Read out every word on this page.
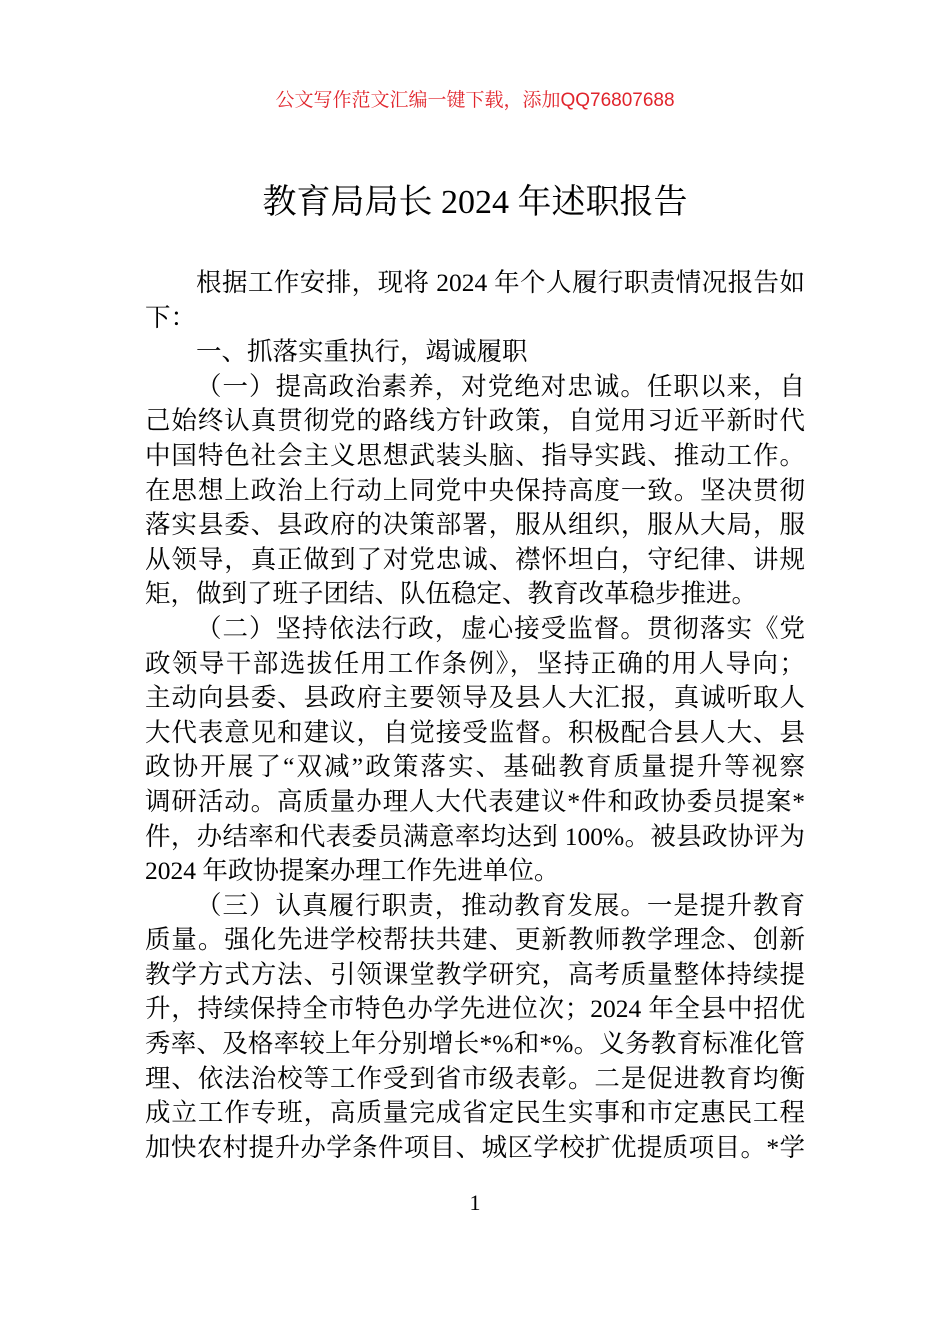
公文写作范文汇编一键下载，添加QQ76807688
教育局局长 2024 年述职报告
根据工作安排，现将 2024 年个人履行职责情况报告如
下：
一、抓落实重执行，竭诚履职
（一）提高政治素养，对党绝对忠诚。任职以来，自
己始终认真贯彻党的路线方针政策，自觉用习近平新时代
中国特色社会主义思想武装头脑、指导实践、推动工作。
在思想上政治上行动上同党中央保持高度一致。坚决贯彻
落实县委、县政府的决策部署，服从组织，服从大局，服
从领导，真正做到了对党忠诚、襟怀坦白，守纪律、讲规
矩，做到了班子团结、队伍稳定、教育改革稳步推进。
（二）坚持依法行政，虚心接受监督。贯彻落实《党
政领导干部选拔任用工作条例》，坚持正确的用人导向；
主动向县委、县政府主要领导及县人大汇报，真诚听取人
大代表意见和建议，自觉接受监督。积极配合县人大、县
政协开展了“双减”政策落实、基础教育质量提升等视察
调研活动。高质量办理人大代表建议*件和政协委员提案*
件，办结率和代表委员满意率均达到 100%。被县政协评为
2024 年政协提案办理工作先进单位。
（三）认真履行职责，推动教育发展。一是提升教育
质量。强化先进学校帮扶共建、更新教师教学理念、创新
教学方式方法、引领课堂教学研究，高考质量整体持续提
升，持续保持全市特色办学先进位次；2024 年全县中招优
秀率、及格率较上年分别增长*%和*%。义务教育标准化管
理、依法治校等工作受到省市级表彰。二是促进教育均衡
成立工作专班，高质量完成省定民生实事和市定惠民工程
加快农村提升办学条件项目、城区学校扩优提质项目。*学
1
